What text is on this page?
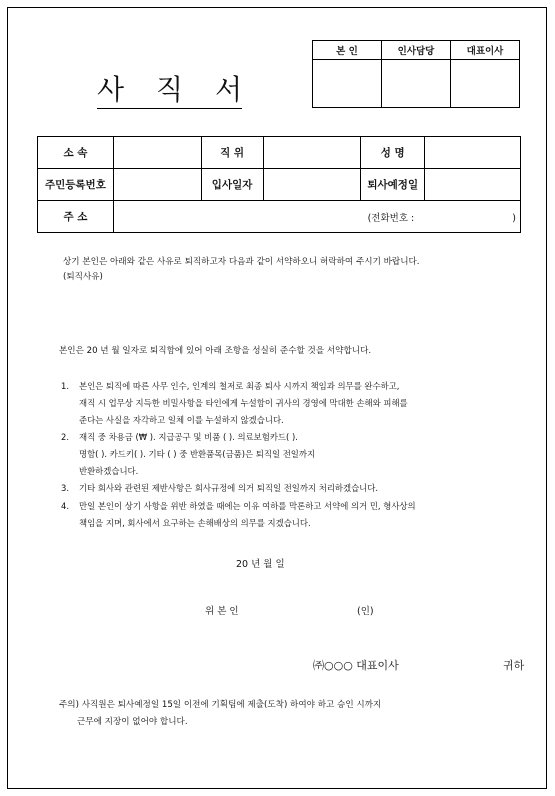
본 인	인사담당	대표이사

사 직 서
소 속		직 위		성 명	
주민등록번호		입사일자		퇴사예정일	
주 소	(전화번호 : )				
상기 본인은 아래와 같은 사유로 퇴직하고자 다음과 같이 서약하오니 허락하여 주시기 바랍니다.
(퇴직사유)
본인은 20 년 월 일자로 퇴직함에 있어 아래 조항을 성실히 준수할 것을 서약합니다.
1. 본인은 퇴직에 따른 사무 인수, 인계의 철저로 최종 퇴사 시까지 책임과 의무를 완수하고,
재직 시 업무상 지득한 비밀사항을 타인에게 누설함이 귀사의 경영에 막대한 손해와 피해를
준다는 사실을 자각하고 일체 이를 누설하지 않겠습니다.
2. 재직 중 차용금 (₩ ). 지급공구 및 비품 ( ). 의료보험카드( ).
명함( ). 카드키( ). 기타 ( ) 중 반환품목(금품)은 퇴직일 전일까지
반환하겠습니다.
3. 기타 회사와 관련된 제반사항은 회사규정에 의거 퇴직일 전일까지 처리하겠습니다.
4. 만일 본인이 상기 사항을 위반 하였을 때에는 이유 여하를 막론하고 서약에 의거 민, 형사상의
책임을 지며, 회사에서 요구하는 손해배상의 의무를 지겠습니다.
20 년 월 일
위 본 인	(인)
㈜○○○ 대표이사	귀하
주의) 사직원은 퇴사예정일 15일 이전에 기획팀에 제출(도착) 하여야 하고 승인 시까지
근무에 지장이 없어야 합니다.
